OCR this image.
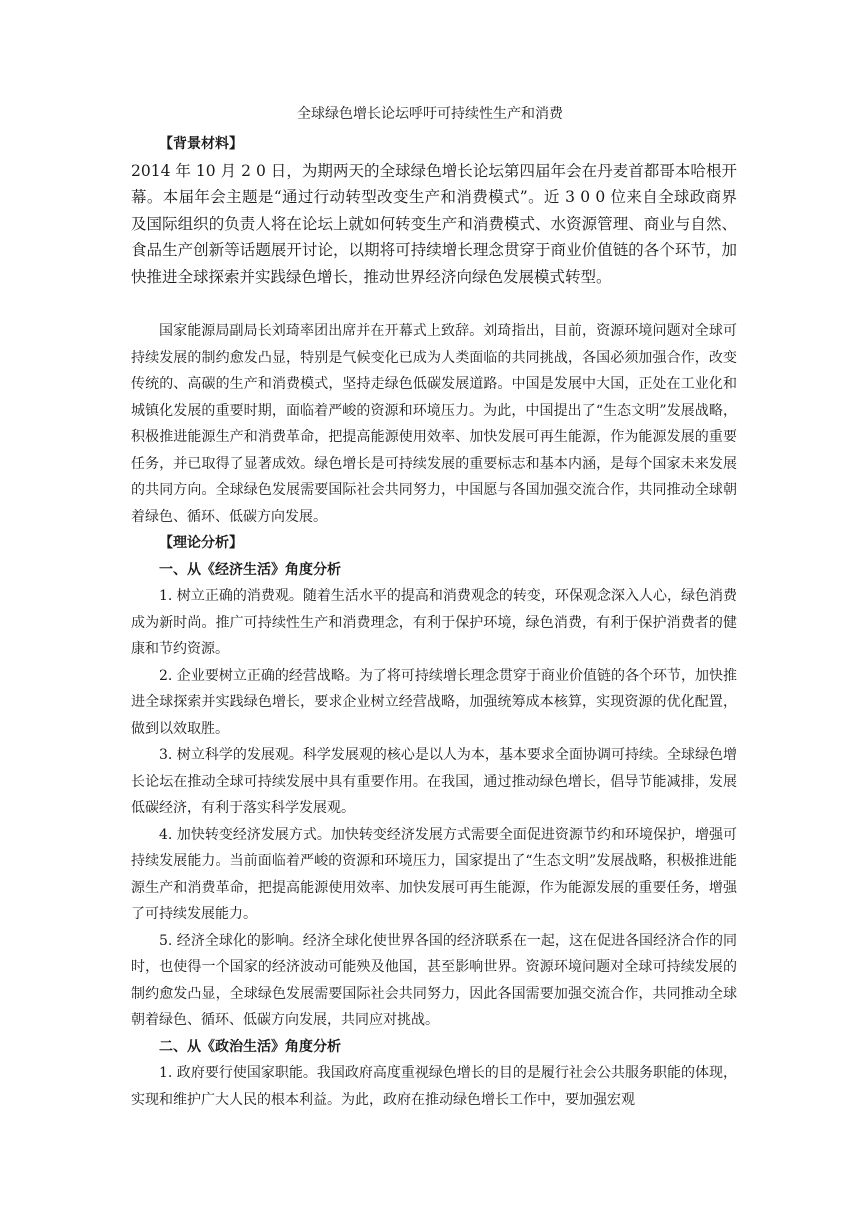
全球绿色增长论坛呼吁可持续性生产和消费

【背景材料】

2014 年 10 月 2 0 日，为期两天的全球绿色增长论坛第四届年会在丹麦首都哥本哈根开幕。本届年会主题是“通过行动转型改变生产和消费模式”。近 3 0 0 位来自全球政商界及国际组织的负责人将在论坛上就如何转变生产和消费模式、水资源管理、商业与自然、食品生产创新等话题展开讨论，以期将可持续增长理念贯穿于商业价值链的各个环节，加快推进全球探索并实践绿色增长，推动世界经济向绿色发展模式转型。

国家能源局副局长刘琦率团出席并在开幕式上致辞。刘琦指出，目前，资源环境问题对全球可持续发展的制约愈发凸显，特别是气候变化已成为人类面临的共同挑战，各国必须加强合作，改变传统的、高碳的生产和消费模式，坚持走绿色低碳发展道路。中国是发展中大国，正处在工业化和城镇化发展的重要时期，面临着严峻的资源和环境压力。为此，中国提出了“生态文明”发展战略，积极推进能源生产和消费革命，把提高能源使用效率、加快发展可再生能源，作为能源发展的重要任务，并已取得了显著成效。绿色增长是可持续发展的重要标志和基本内涵，是每个国家未来发展的共同方向。全球绿色发展需要国际社会共同努力，中国愿与各国加强交流合作，共同推动全球朝着绿色、循环、低碳方向发展。

【理论分析】

一、从《经济生活》角度分析

1. 树立正确的消费观。随着生活水平的提高和消费观念的转变，环保观念深入人心，绿色消费成为新时尚。推广可持续性生产和消费理念，有利于保护环境，绿色消费，有利于保护消费者的健康和节约资源。

2. 企业要树立正确的经营战略。为了将可持续增长理念贯穿于商业价值链的各个环节，加快推进全球探索并实践绿色增长，要求企业树立经营战略，加强统筹成本核算，实现资源的优化配置，做到以效取胜。

3. 树立科学的发展观。科学发展观的核心是以人为本，基本要求全面协调可持续。全球绿色增长论坛在推动全球可持续发展中具有重要作用。在我国，通过推动绿色增长，倡导节能减排，发展低碳经济，有利于落实科学发展观。

4. 加快转变经济发展方式。加快转变经济发展方式需要全面促进资源节约和环境保护，增强可持续发展能力。当前面临着严峻的资源和环境压力，国家提出了“生态文明”发展战略，积极推进能源生产和消费革命，把提高能源使用效率、加快发展可再生能源，作为能源发展的重要任务，增强了可持续发展能力。

5. 经济全球化的影响。经济全球化使世界各国的经济联系在一起，这在促进各国经济合作的同时，也使得一个国家的经济波动可能殃及他国，甚至影响世界。资源环境问题对全球可持续发展的制约愈发凸显，全球绿色发展需要国际社会共同努力，因此各国需要加强交流合作，共同推动全球朝着绿色、循环、低碳方向发展，共同应对挑战。

二、从《政治生活》角度分析

1. 政府要行使国家职能。我国政府高度重视绿色增长的目的是履行社会公共服务职能的体现，实现和维护广大人民的根本利益。为此，政府在推动绿色增长工作中，要加强宏观
